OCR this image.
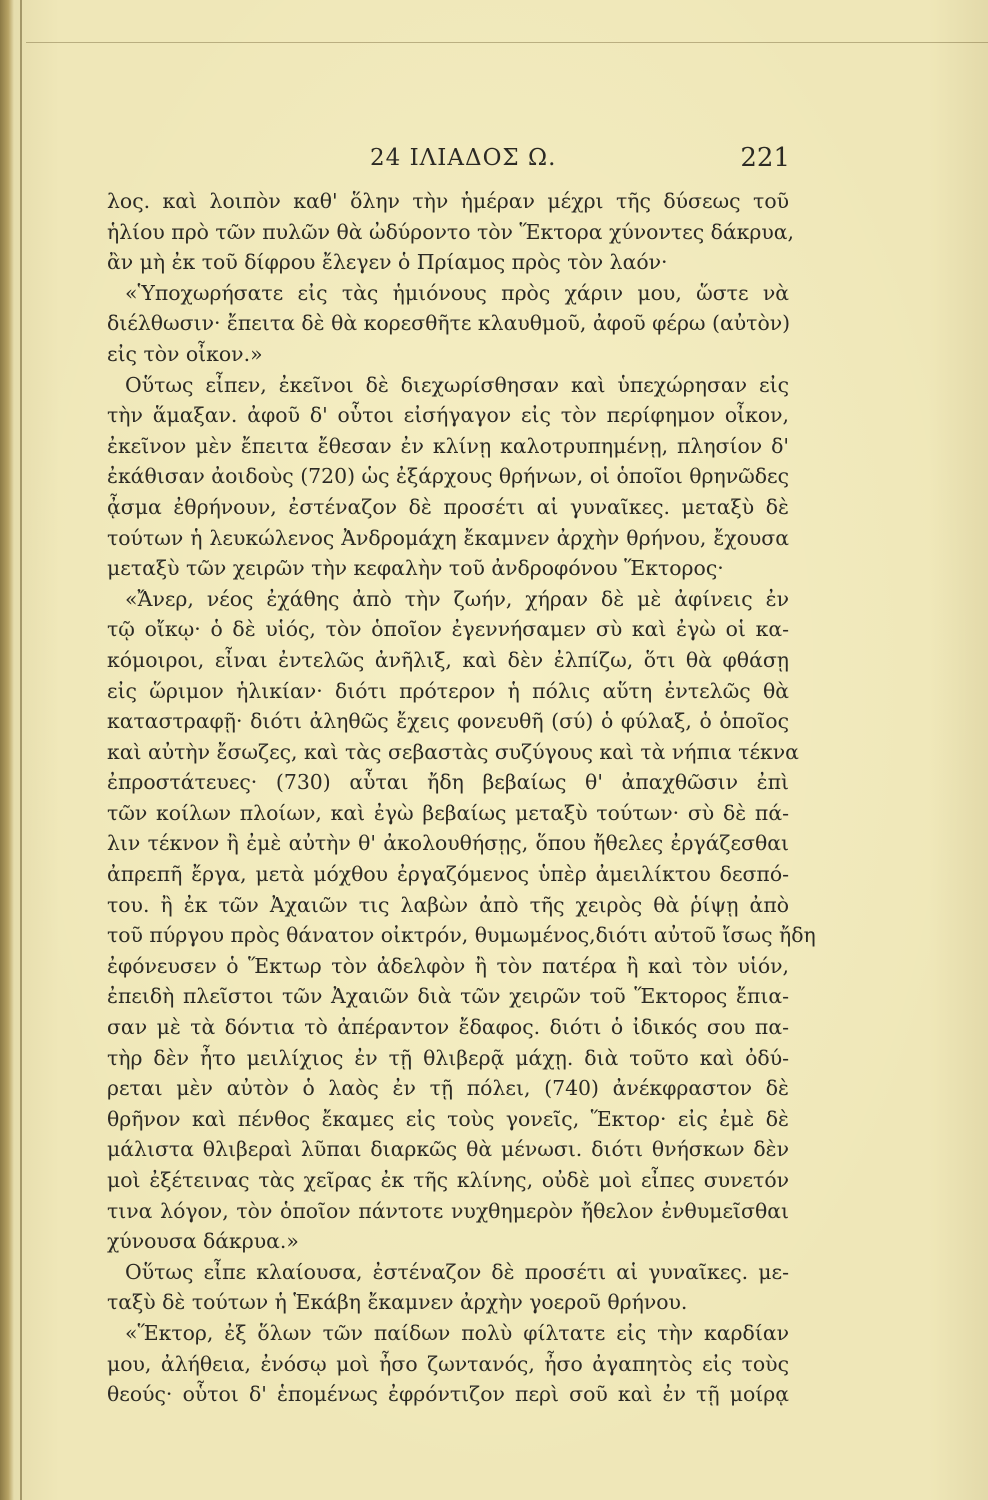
24 ΙΛΙΑΔΟΣ Ω.	221
λος. καὶ λοιπὸν καθ' ὅλην τὴν ἡμέραν μέχρι τῆς δύσεως τοῦ
ἡλίου πρὸ τῶν πυλῶν θὰ ὠδύροντο τὸν Ἕκτορα χύνοντες δάκρυα,
ἂν μὴ ἐκ τοῦ δίφρου ἔλεγεν ὁ Πρίαμος πρὸς τὸν λαόν·
«Ὑποχωρήσατε εἰς τὰς ἡμιόνους πρὸς χάριν μου, ὥστε νὰ
διέλθωσιν· ἔπειτα δὲ θὰ κορεσθῆτε κλαυθμοῦ, ἀφοῦ φέρω (αὐτὸν)
εἰς τὸν οἶκον.»
Οὕτως εἶπεν, ἐκεῖνοι δὲ διεχωρίσθησαν καὶ ὑπεχώρησαν εἰς
τὴν ἅμαξαν. ἀφοῦ δ' οὗτοι εἰσήγαγον εἰς τὸν περίφημον οἶκον,
ἐκεῖνον μὲν ἔπειτα ἔθεσαν ἐν κλίνῃ καλοτρυπημένῃ, πλησίον δ'
ἐκάθισαν ἀοιδοὺς (720) ὡς ἐξάρχους θρήνων, οἱ ὁποῖοι θρηνῶδες
ᾆσμα ἐθρήνουν, ἐστέναζον δὲ προσέτι αἱ γυναῖκες. μεταξὺ δὲ
τούτων ἡ λευκώλενος Ἀνδρομάχη ἔκαμνεν ἀρχὴν θρήνου, ἔχουσα
μεταξὺ τῶν χειρῶν τὴν κεφαλὴν τοῦ ἀνδροφόνου Ἕκτορος·
«Ἄνερ, νέος ἐχάθης ἀπὸ τὴν ζωήν, χήραν δὲ μὲ ἀφίνεις ἐν
τῷ οἴκῳ· ὁ δὲ υἱός, τὸν ὁποῖον ἐγεννήσαμεν σὺ καὶ ἐγὼ οἱ κα-
κόμοιροι, εἶναι ἐντελῶς ἀνῆλιξ, καὶ δὲν ἐλπίζω, ὅτι θὰ φθάσῃ
εἰς ὥριμον ἡλικίαν· διότι πρότερον ἡ πόλις αὕτη ἐντελῶς θὰ
καταστραφῇ· διότι ἀληθῶς ἔχεις φονευθῆ (σύ) ὁ φύλαξ, ὁ ὁποῖος
καὶ αὐτὴν ἔσωζες, καὶ τὰς σεβαστὰς συζύγους καὶ τὰ νήπια τέκνα
ἐπροστάτευες· (730) αὗται ἤδη βεβαίως θ' ἀπαχθῶσιν ἐπὶ
τῶν κοίλων πλοίων, καὶ ἐγὼ βεβαίως μεταξὺ τούτων· σὺ δὲ πά-
λιν τέκνον ἢ ἐμὲ αὐτὴν θ' ἀκολουθήσῃς, ὅπου ἤθελες ἐργάζεσθαι
ἀπρεπῆ ἔργα, μετὰ μόχθου ἐργαζόμενος ὑπὲρ ἀμειλίκτου δεσπό-
του. ἢ ἐκ τῶν Ἀχαιῶν τις λαβὼν ἀπὸ τῆς χειρὸς θὰ ῥίψῃ ἀπὸ
τοῦ πύργου πρὸς θάνατον οἰκτρόν, θυμωμένος,διότι αὐτοῦ ἴσως ἤδη
ἐφόνευσεν ὁ Ἕκτωρ τὸν ἀδελφὸν ἢ τὸν πατέρα ἢ καὶ τὸν υἱόν,
ἐπειδὴ πλεῖστοι τῶν Ἀχαιῶν διὰ τῶν χειρῶν τοῦ Ἕκτορος ἔπια-
σαν μὲ τὰ δόντια τὸ ἀπέραντον ἔδαφος. διότι ὁ ἰδικός σου πα-
τὴρ δὲν ἦτο μειλίχιος ἐν τῇ θλιβερᾷ μάχῃ. διὰ τοῦτο καὶ ὀδύ-
ρεται μὲν αὐτὸν ὁ λαὸς ἐν τῇ πόλει, (740) ἀνέκφραστον δὲ
θρῆνον καὶ πένθος ἔκαμες εἰς τοὺς γονεῖς, Ἕκτορ· εἰς ἐμὲ δὲ
μάλιστα θλιβεραὶ λῦπαι διαρκῶς θὰ μένωσι. διότι θνήσκων δὲν
μοὶ ἐξέτεινας τὰς χεῖρας ἐκ τῆς κλίνης, οὐδὲ μοὶ εἶπες συνετόν
τινα λόγον, τὸν ὁποῖον πάντοτε νυχθημερὸν ἤθελον ἐνθυμεῖσθαι
χύνουσα δάκρυα.»
Οὕτως εἶπε κλαίουσα, ἐστέναζον δὲ προσέτι αἱ γυναῖκες. με-
ταξὺ δὲ τούτων ἡ Ἑκάβη ἔκαμνεν ἀρχὴν γοεροῦ θρήνου.
«Ἕκτορ, ἐξ ὅλων τῶν παίδων πολὺ φίλτατε εἰς τὴν καρδίαν
μου, ἀλήθεια, ἐνόσῳ μοὶ ἦσο ζωντανός, ἦσο ἀγαπητὸς εἰς τοὺς
θεούς· οὗτοι δ' ἑπομένως ἐφρόντιζον περὶ σοῦ καὶ ἐν τῇ μοίρᾳ
